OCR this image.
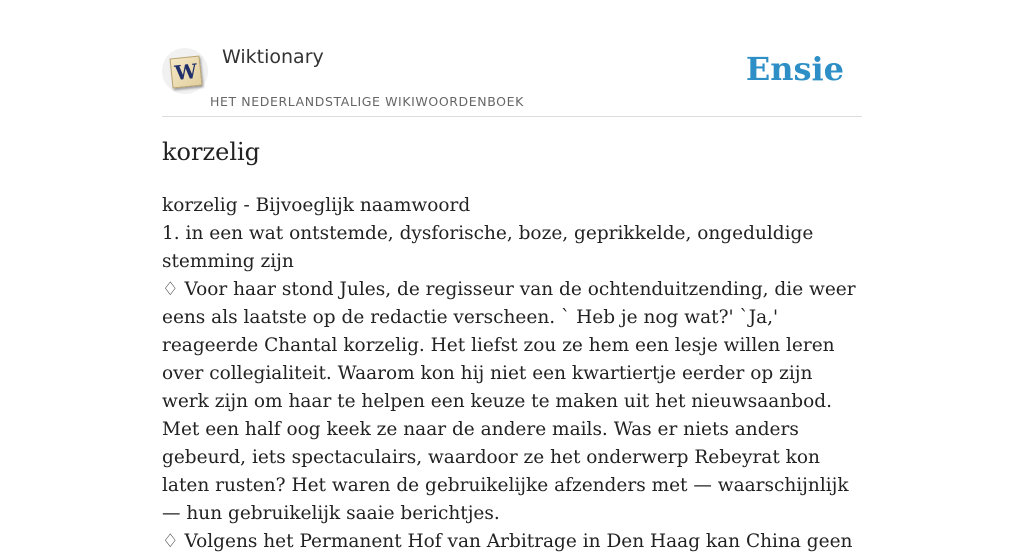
W
Wiktionary
HET NEDERLANDSTALIGE WIKIWOORDENBOEK
Ensie
korzelig

korzelig - Bijvoeglijk naamwoord

1. in een wat ontstemde, dysforische, boze, geprikkelde, ongeduldige stemming zijn

♢ Voor haar stond Jules, de regisseur van de ochtenduitzending, die weer eens als laatste op de redactie verscheen. ` Heb je nog wat?' `Ja,' reageerde Chantal korzelig. Het liefst zou ze hem een lesje willen leren over collegialiteit. Waarom kon hij niet een kwartiertje eerder op zijn werk zijn om haar te helpen een keuze te maken uit het nieuwsaanbod. Met een half oog keek ze naar de andere mails. Was er niets anders gebeurd, iets spectaculairs, waardoor ze het onderwerp Rebeyrat kon laten rusten? Het waren de gebruikelijke afzenders met — waarschijnlijk — hun gebruikelijk saaie berichtjes.

♢ Volgens het Permanent Hof van Arbitrage in Den Haag kan China geen
